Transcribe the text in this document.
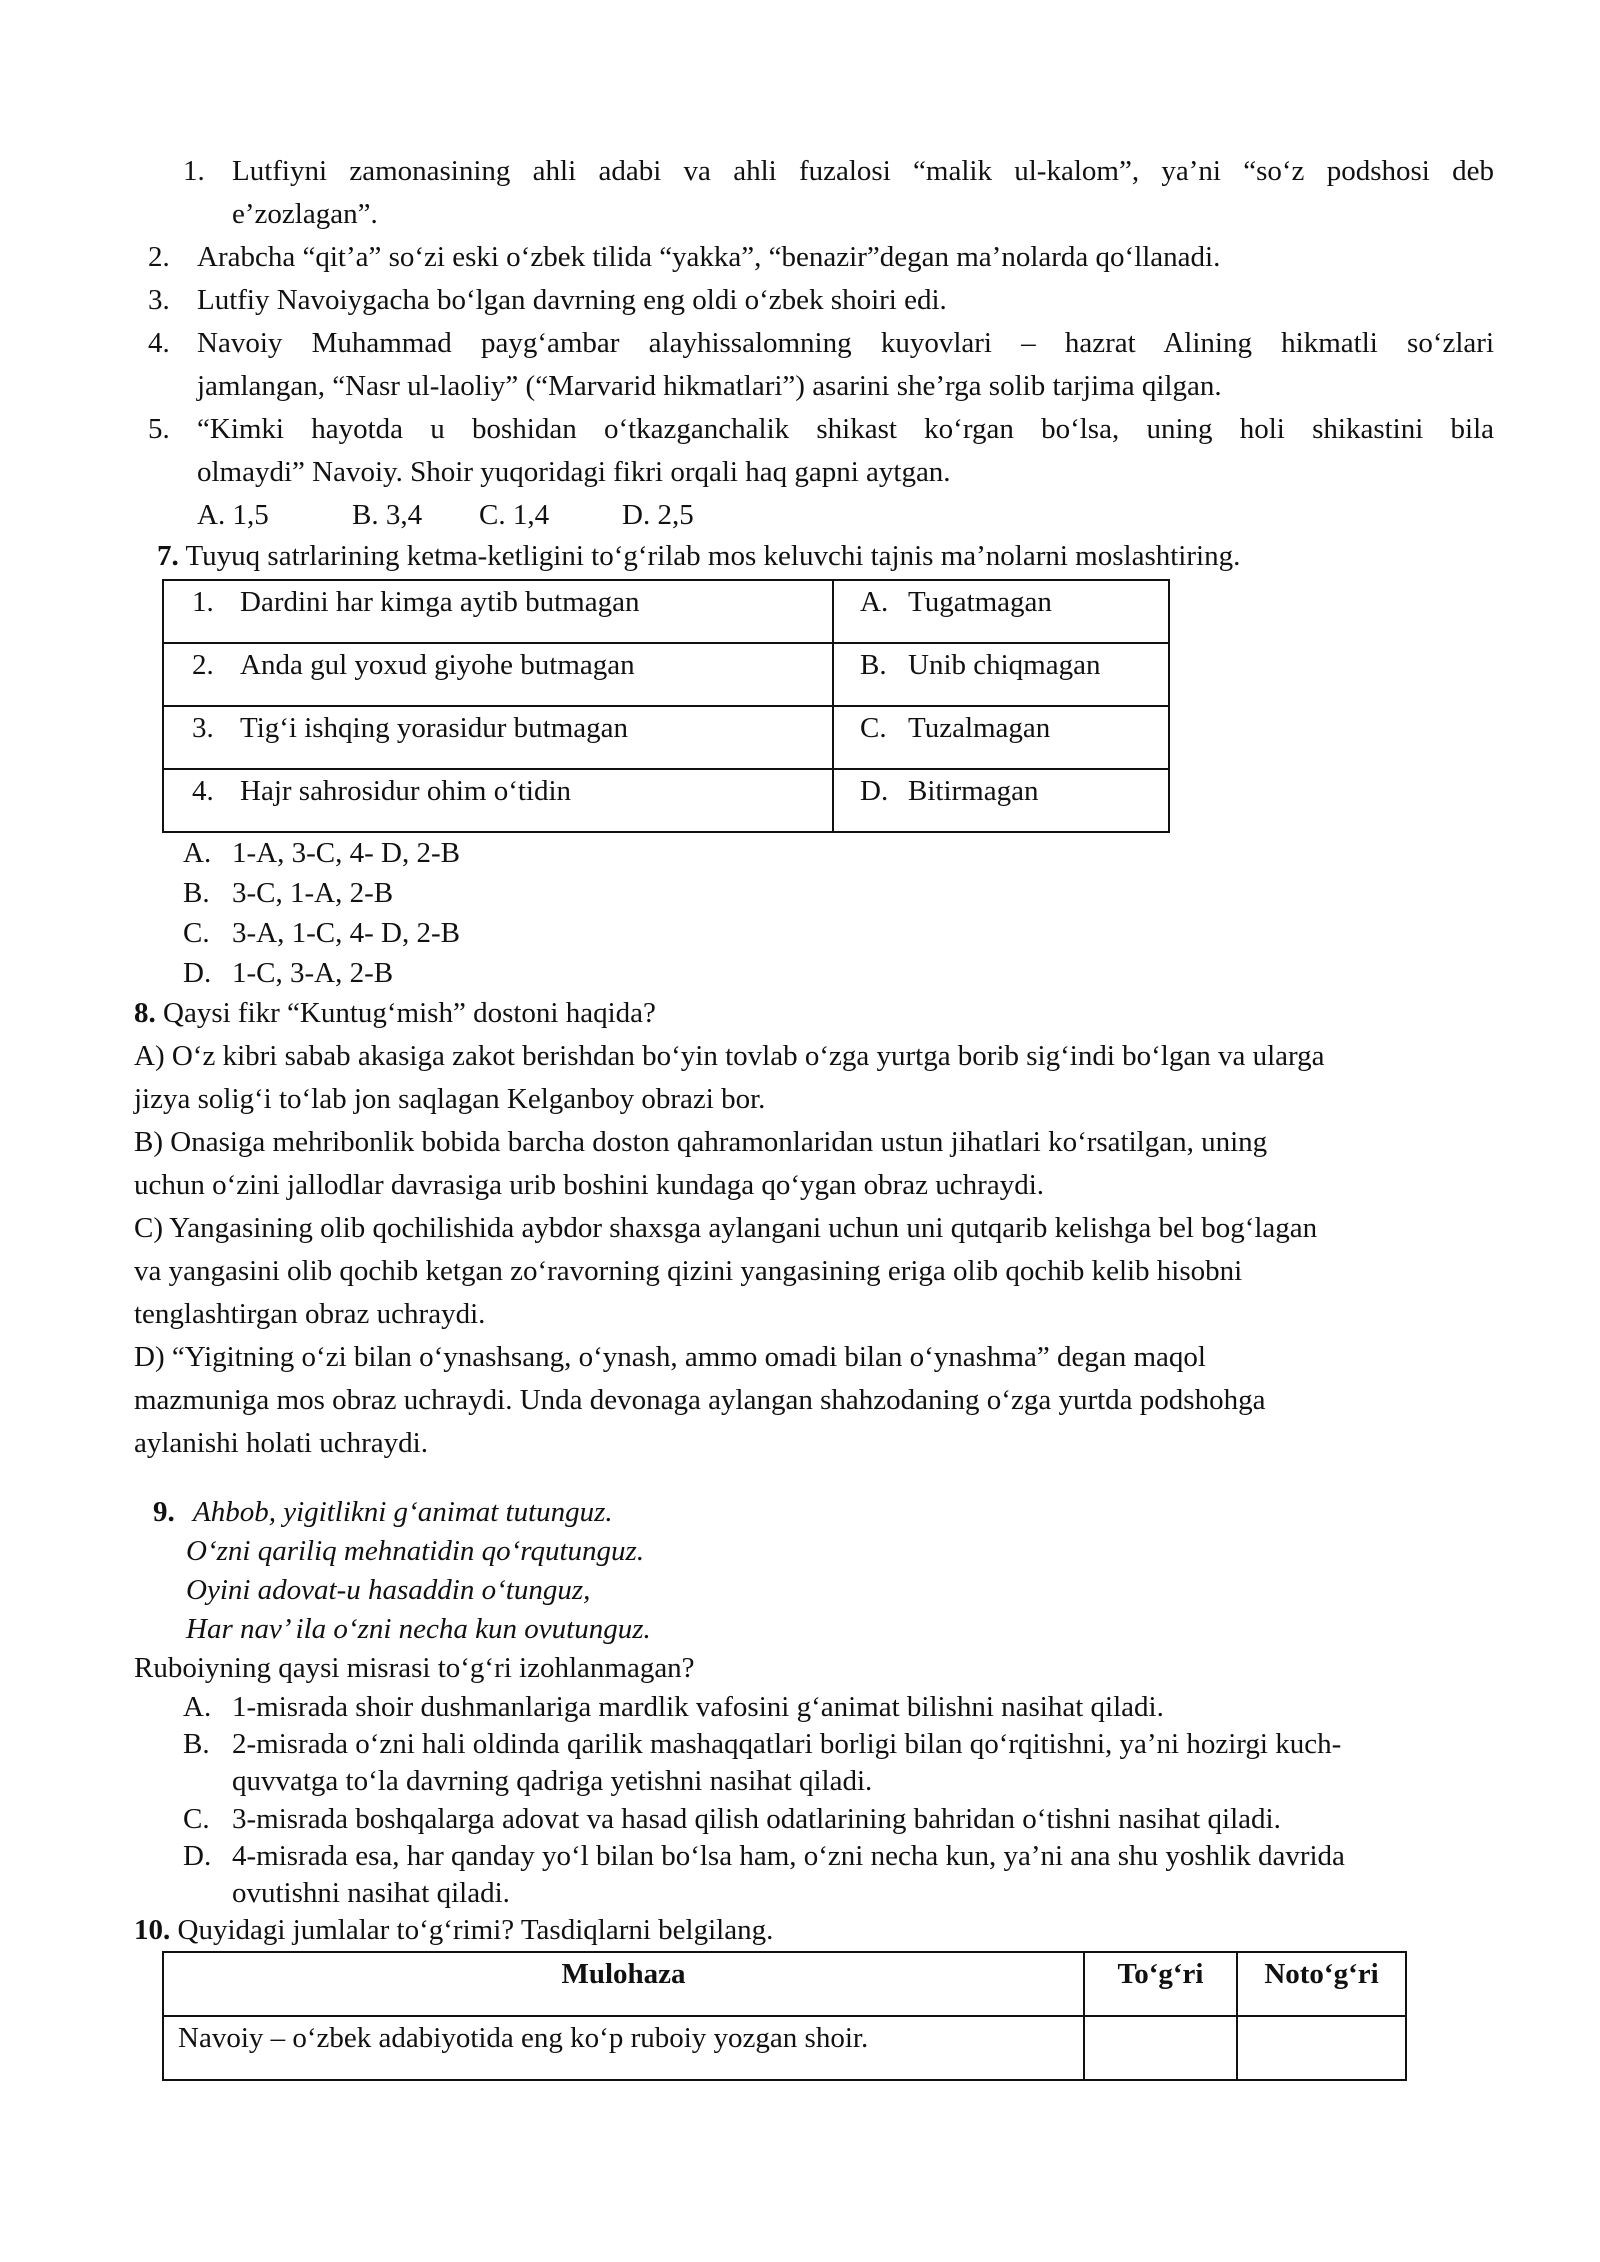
1. Lutfiyni zamonasining ahli adabi va ahli fuzalosi “malik ul-kalom”, ya’ni “so‘z podshosi deb
e’zozlagan”.
2. Arabcha “qit’a” so‘zi eski o‘zbek tilida “yakka”, “benazir”degan ma’nolarda qo‘llanadi.
3. Lutfiy Navoiygacha bo‘lgan davrning eng oldi o‘zbek shoiri edi.
4. Navoiy Muhammad payg‘ambar alayhissalomning kuyovlari – hazrat Alining hikmatli so‘zlari
jamlangan, “Nasr ul-laoliy” (“Marvarid hikmatlari”) asarini she’rga solib tarjima qilgan.
5. “Kimki hayotda u boshidan o‘tkazganchalik shikast ko‘rgan bo‘lsa, uning holi shikastini bila
olmaydi” Navoiy. Shoir yuqoridagi fikri orqali haq gapni aytgan.
A. 1,5	B. 3,4 C. 1,4	D. 2,5
7. Tuyuq satrlarining ketma-ketligini to‘g‘rilab mos keluvchi tajnis ma’nolarni moslashtiring.
1. Dardini har kimga aytib butmagan	A. Tugatmagan

2. Anda gul yoxud giyohe butmagan	B. Unib chiqmagan

3. Tig‘i ishqing yorasidur butmagan	C. Tuzalmagan

4. Hajr sahrosidur ohim o‘tidin	D. Bitirmagan
A. 1-A, 3-C, 4- D, 2-B
B. 3-C, 1-A, 2-B
C. 3-A, 1-C, 4- D, 2-B
D. 1-C, 3-A, 2-B
8. Qaysi fikr “Kuntug‘mish” dostoni haqida?
A) O‘z kibri sabab akasiga zakot berishdan bo‘yin tovlab o‘zga yurtga borib sig‘indi bo‘lgan va ularga
jizya solig‘i to‘lab jon saqlagan Kelganboy obrazi bor.
B) Onasiga mehribonlik bobida barcha doston qahramonlaridan ustun jihatlari ko‘rsatilgan, uning
uchun o‘zini jallodlar davrasiga urib boshini kundaga qo‘ygan obraz uchraydi.
C) Yangasining olib qochilishida aybdor shaxsga aylangani uchun uni qutqarib kelishga bel bog‘lagan
va yangasini olib qochib ketgan zo‘ravorning qizini yangasining eriga olib qochib kelib hisobni
tenglashtirgan obraz uchraydi.
D) “Yigitning o‘zi bilan o‘ynashsang, o‘ynash, ammo omadi bilan o‘ynashma” degan maqol
mazmuniga mos obraz uchraydi. Unda devonaga aylangan shahzodaning o‘zga yurtda podshohga
aylanishi holati uchraydi.
9. Ahbob, yigitlikni g‘animat tutunguz.
O‘zni qariliq mehnatidin qo‘rqutunguz.
Oyini adovat-u hasaddin o‘tunguz,
Har nav’ ila o‘zni necha kun ovutunguz.
Ruboiyning qaysi misrasi to‘g‘ri izohlanmagan?
A. 1-misrada shoir dushmanlariga mardlik vafosini g‘animat bilishni nasihat qiladi.
B. 2-misrada o‘zni hali oldinda qarilik mashaqqatlari borligi bilan qo‘rqitishni, ya’ni hozirgi kuch-
quvvatga to‘la davrning qadriga yetishni nasihat qiladi.
C. 3-misrada boshqalarga adovat va hasad qilish odatlarining bahridan o‘tishni nasihat qiladi.
D. 4-misrada esa, har qanday yo‘l bilan bo‘lsa ham, o‘zni necha kun, ya’ni ana shu yoshlik davrida
ovutishni nasihat qiladi.
10. Quyidagi jumlalar to‘g‘rimi? Tasdiqlarni belgilang.
Mulohaza	To‘g‘ri	Noto‘g‘ri
Navoiy – o‘zbek adabiyotida eng ko‘p ruboiy yozgan shoir.		
